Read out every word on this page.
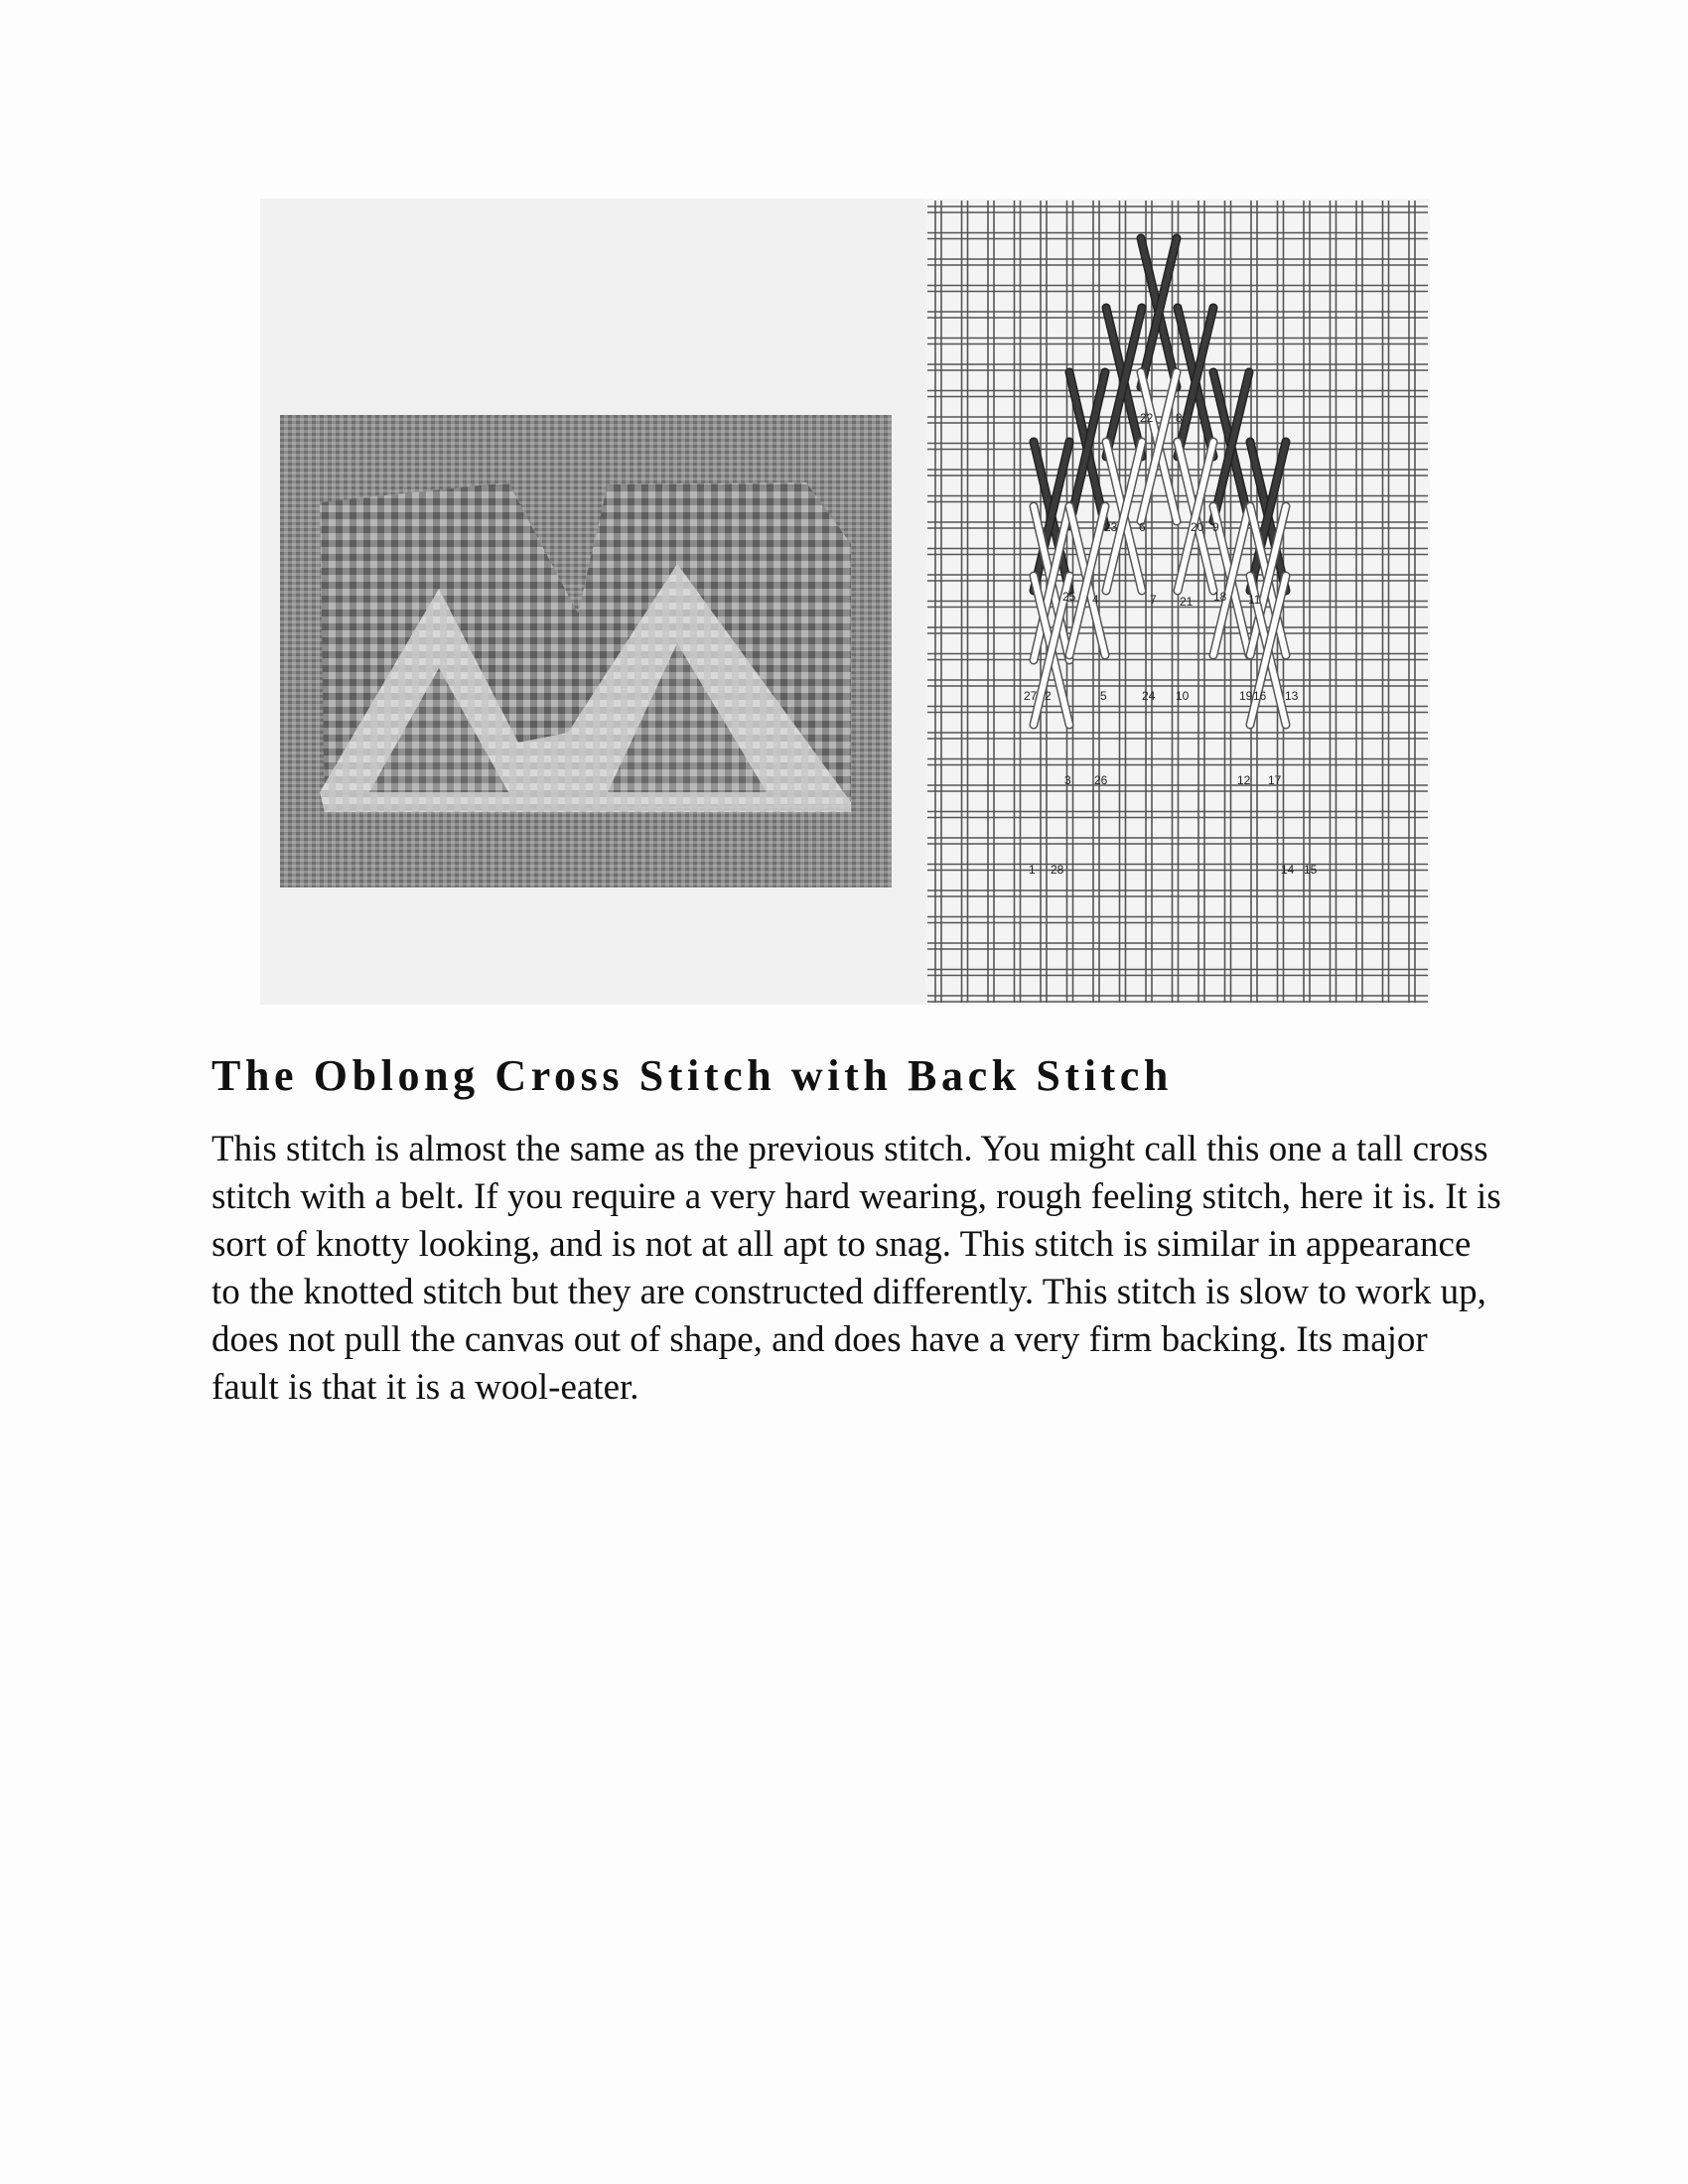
1
2
3
4
5
6
7
8
9
10
11
12
13
14 15
16
17
18
19
20
21
22
23
24
25
26
27
28
The Oblong Cross Stitch with Back Stitch

This stitch is almost the same as the previous stitch. You might call this one a tall cross stitch with a belt. If you require a very hard wearing, rough feeling stitch, here it is. It is sort of knotty looking, and is not at all apt to snag. This stitch is similar in appearance to the knotted stitch but they are constructed differently. This stitch is slow to work up, does not pull the canvas out of shape, and does have a very firm backing. Its major fault is that it is a wool-eater.
